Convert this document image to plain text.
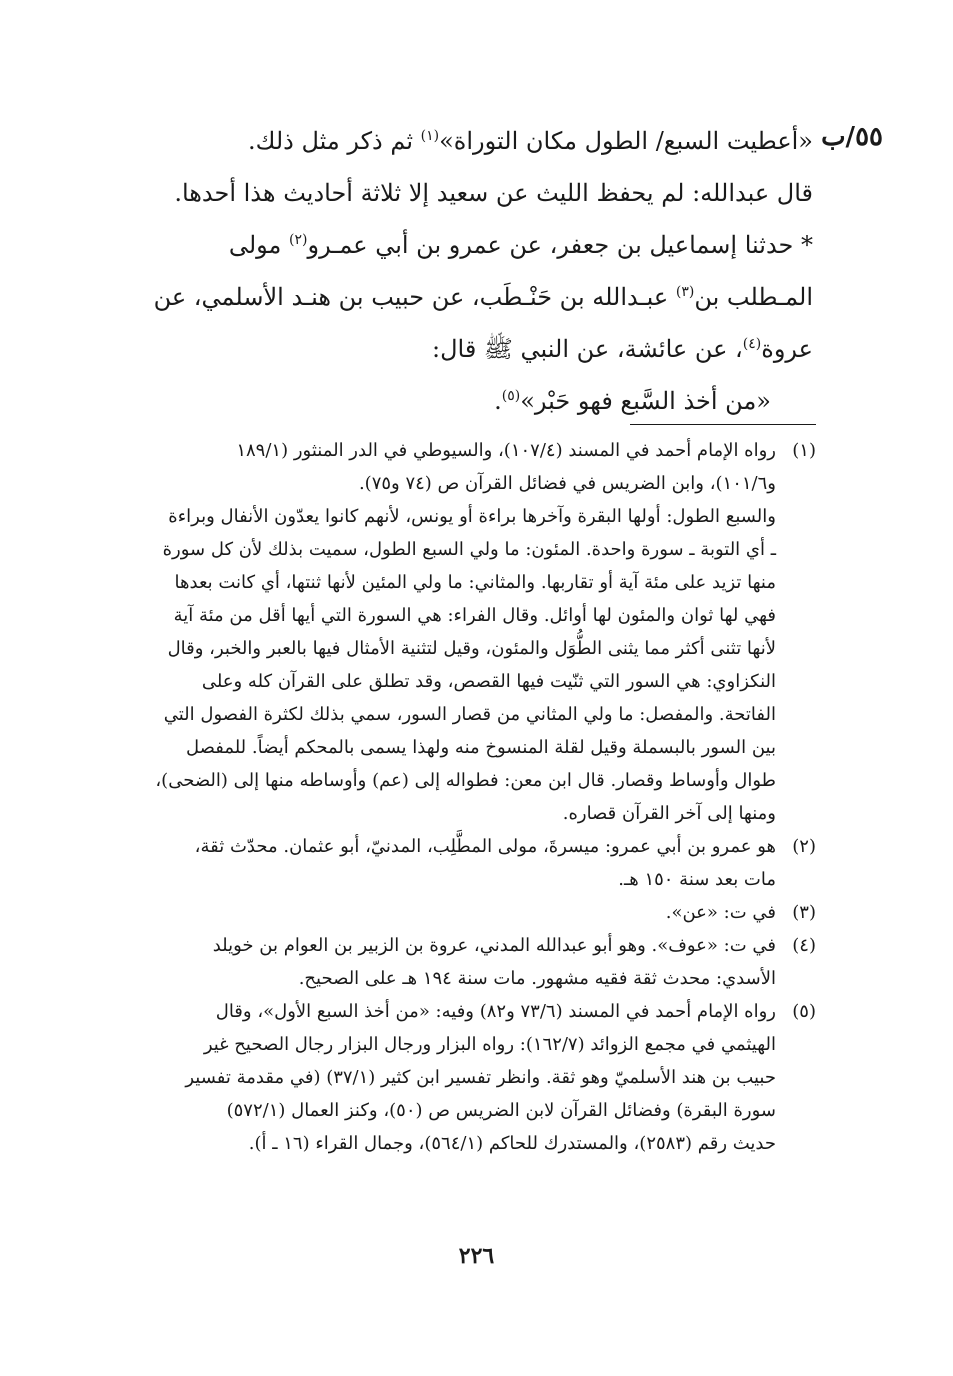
٥٥/ب

«أعطيت السبع/ الطول مكان التوراة»$^{(١)}$ ثم ذكر مثل ذلك.

قال عبدالله: لم يحفظ الليث عن سعيد إلا ثلاثة أحاديث هذا أحدها.

* حدثنا إسماعيل بن جعفر، عن عمرو بن أبي عمـرو$^{(٢)}$ مولى

المـطلب بن$^{(٣)}$ عبـدالله بن حَنْـطَب، عن حبيب بن هنـد الأسلمي، عن

عروة$^{(٤)}$، عن عائشة، عن النبي ﷺ قال:

«من أخذ السَّبع فهو حَبْر»$^{(٥)}$.

(١)

رواه الإمام أحمد في المسند (١٠٧/٤)، والسيوطي في الدر المنثور (١٨٩/١

و١٠١/٦)، وابن الضريس في فضائل القرآن ص (٧٤ و٧٥).

والسبع الطول: أولها البقرة وآخرها براءة أو يونس، لأنهم كانوا يعدّون الأنفال وبراءة

ـ أي التوبة ـ سورة واحدة. المئون: ما ولي السبع الطول، سميت بذلك لأن كل سورة

منها تزيد على مئة آية أو تقاربها. والمثاني: ما ولي المئين لأنها ثنتها، أي كانت بعدها

فهي لها ثوان والمئون لها أوائل. وقال الفراء: هي السورة التي أيها أقل من مئة آية

لأنها تثنى أكثر مما يثنى الطُّوَل والمئون، وقيل لتثنية الأمثال فيها بالعبر والخبر، وقال

النكزاوي: هي السور التي ثنّيت فيها القصص، وقد تطلق على القرآن كله وعلى

الفاتحة. والمفصل: ما ولي المثاني من قصار السور، سمي بذلك لكثرة الفصول التي

بين السور بالبسملة وقيل لقلة المنسوخ منه ولهذا يسمى بالمحكم أيضاً. للمفصل

طوال وأوساط وقصار. قال ابن معن: فطواله إلى (عم) وأوساطه منها إلى (الضحى)،

ومنها إلى آخر القرآن قصاره.

(٢)

هو عمرو بن أبي عمرو: ميسرةَ، مولى المطَّلِب، المدنيّ، أبو عثمان. محدّث ثقة،

مات بعد سنة ١٥٠ هـ.

(٣)

في ت: «عن».

(٤)

في ت: «عوف». وهو أبو عبدالله المدني، عروة بن الزبير بن العوام بن خويلد

الأسدي: محدث ثقة فقيه مشهور. مات سنة ١٩٤ هـ على الصحيح.

(٥)

رواه الإمام أحمد في المسند (٧٣/٦ و٨٢) وفيه: «من أخذ السبع الأول»، وقال

الهيثمي في مجمع الزوائد (١٦٢/٧): رواه البزار ورجال البزار رجال الصحيح غير

حبيب بن هند الأسلميّ وهو ثقة. وانظر تفسير ابن كثير (٣٧/١) (في مقدمة تفسير

سورة البقرة) وفضائل القرآن لابن الضريس ص (٥٠)، وكنز العمال (٥٧٢/١)

حديث رقم (٢٥٨٣)، والمستدرك للحاكم (٥٦٤/١)، وجمال القراء (١٦ ـ أ).

٢٢٦
